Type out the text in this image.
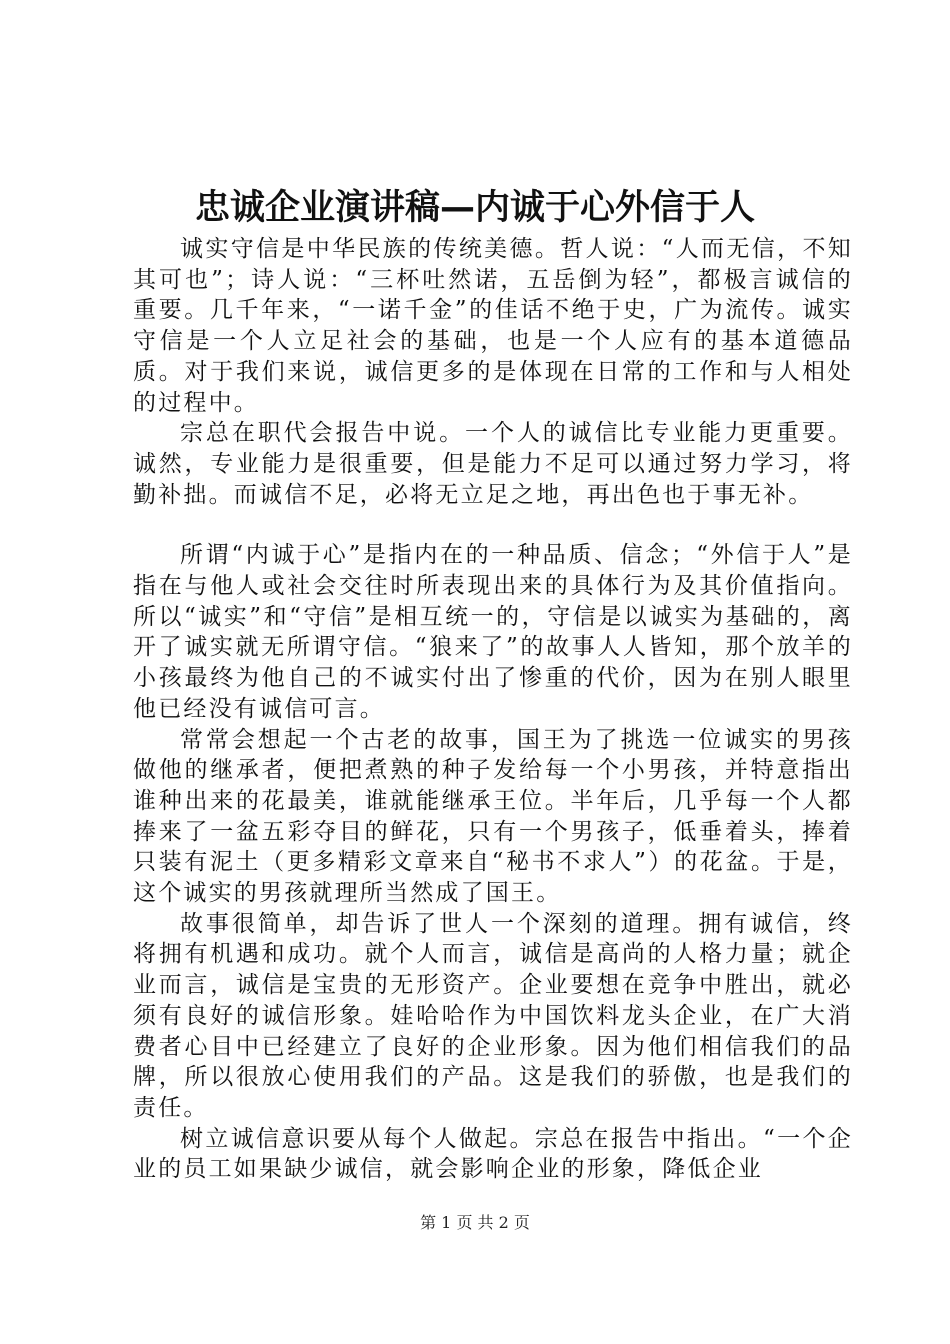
忠诚企业演讲稿—内诚于心外信于人

诚实守信是中华民族的传统美德。哲人说：“人而无信，不知其可也”；诗人说：“三杯吐然诺，五岳倒为轻”，都极言诚信的重要。几千年来，“一诺千金”的佳话不绝于史，广为流传。诚实守信是一个人立足社会的基础，也是一个人应有的基本道德品质。对于我们来说，诚信更多的是体现在日常的工作和与人相处的过程中。

宗总在职代会报告中说。一个人的诚信比专业能力更重要。诚然，专业能力是很重要，但是能力不足可以通过努力学习，将勤补拙。而诚信不足，必将无立足之地，再出色也于事无补。

所谓“内诚于心”是指内在的一种品质、信念；“外信于人”是指在与他人或社会交往时所表现出来的具体行为及其价值指向。所以“诚实”和“守信”是相互统一的，守信是以诚实为基础的，离开了诚实就无所谓守信。“狼来了”的故事人人皆知，那个放羊的小孩最终为他自己的不诚实付出了惨重的代价，因为在别人眼里他已经没有诚信可言。

常常会想起一个古老的故事，国王为了挑选一位诚实的男孩做他的继承者，便把煮熟的种子发给每一个小男孩，并特意指出谁种出来的花最美，谁就能继承王位。半年后，几乎每一个人都捧来了一盆五彩夺目的鲜花，只有一个男孩子，低垂着头，捧着只装有泥土（更多精彩文章来自“秘书不求人”）的花盆。于是，这个诚实的男孩就理所当然成了国王。

故事很简单，却告诉了世人一个深刻的道理。拥有诚信，终将拥有机遇和成功。就个人而言，诚信是高尚的人格力量；就企业而言，诚信是宝贵的无形资产。企业要想在竞争中胜出，就必须有良好的诚信形象。娃哈哈作为中国饮料龙头企业，在广大消费者心目中已经建立了良好的企业形象。因为他们相信我们的品牌，所以很放心使用我们的产品。这是我们的骄傲，也是我们的责任。

树立诚信意识要从每个人做起。宗总在报告中指出。“一个企业的员工如果缺少诚信，就会影响企业的形象，降低企业

第 1 页 共 2 页
